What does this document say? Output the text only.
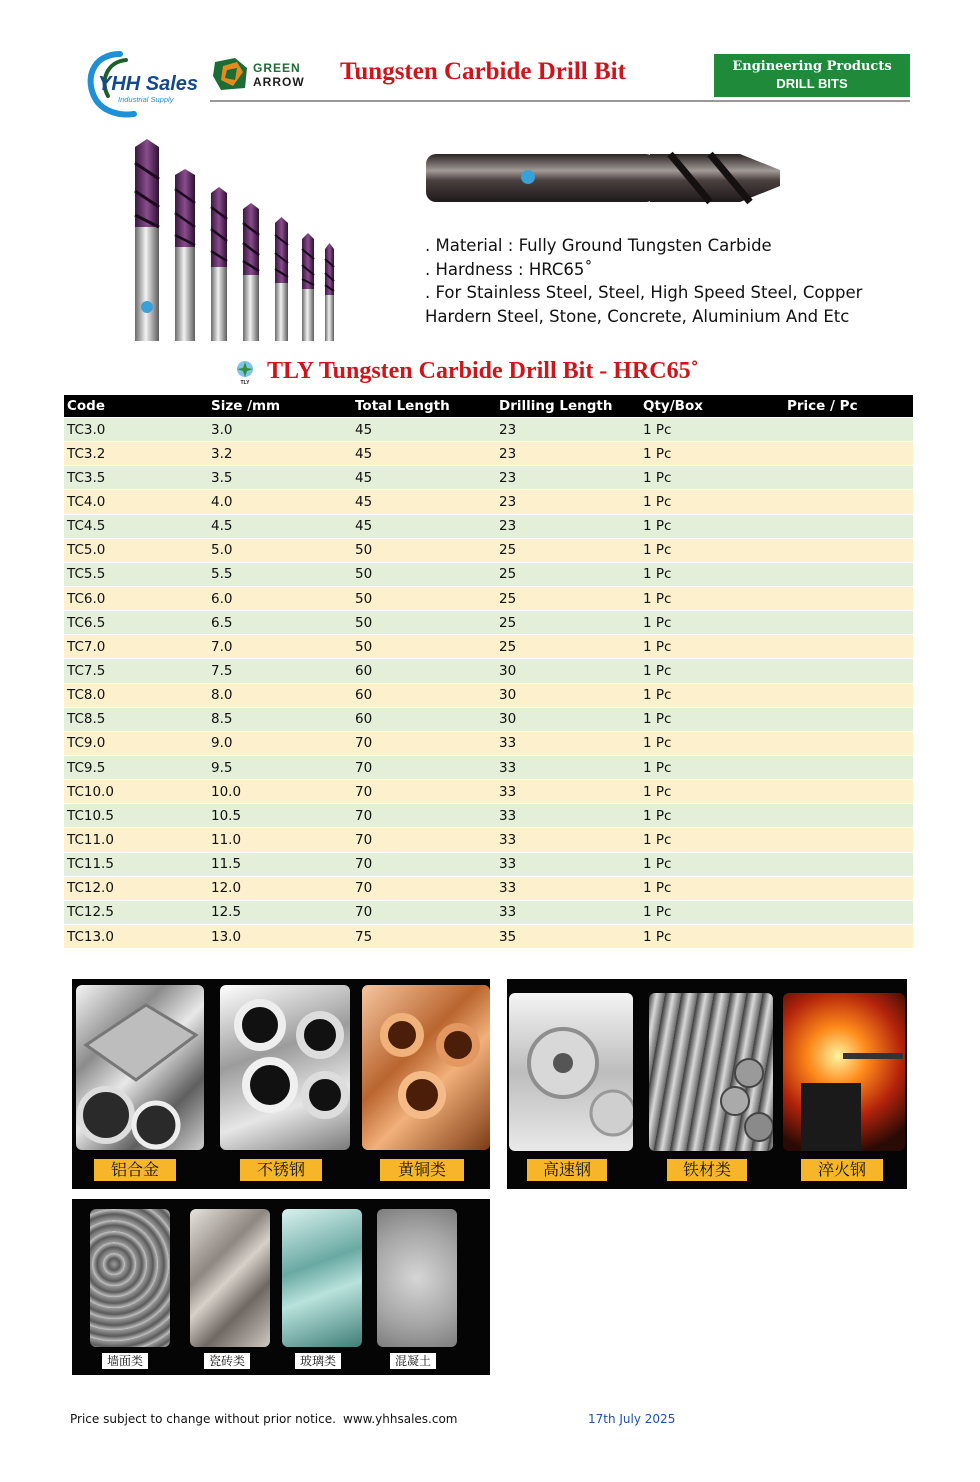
YHH Sales
Industrial Supply
GREEN
ARROW Tungsten Carbide Drill Bit	Engineering Products
DRILL BITS
. Material : Fully Ground Tungsten Carbide
. Hardness : HRC65˚
. For Stainless Steel, Steel, High Speed Steel, Copper
Hardern Steel, Stone, Concrete, Aluminium And Etc
TLY TLY Tungsten Carbide Drill Bit - HRC65˚
Code	Size /mm	Total Length	Drilling Length	Qty/Box	Price / Pc
TC3.0	3.0	45	23	1 Pc	
TC3.2	3.2	45	23	1 Pc	
TC3.5	3.5	45	23	1 Pc	
TC4.0	4.0	45	23	1 Pc	
TC4.5	4.5	45	23	1 Pc	
TC5.0	5.0	50	25	1 Pc	
TC5.5	5.5	50	25	1 Pc	
TC6.0	6.0	50	25	1 Pc	
TC6.5	6.5	50	25	1 Pc	
TC7.0	7.0	50	25	1 Pc	
TC7.5	7.5	60	30	1 Pc	
TC8.0	8.0	60	30	1 Pc	
TC8.5	8.5	60	30	1 Pc	
TC9.0	9.0	70	33	1 Pc	
TC9.5	9.5	70	33	1 Pc	
TC10.0	10.0	70	33	1 Pc	
TC10.5	10.5	70	33	1 Pc	
TC11.0	11.0	70	33	1 Pc	
TC11.5	11.5	70	33	1 Pc	
TC12.0	12.0	70	33	1 Pc	
TC12.5	12.5	70	33	1 Pc	
TC13.0	13.0	75	35	1 Pc	
铝合金	不锈钢	黄铜类	高速钢	铁材类	淬火钢
墙面类	瓷砖类	玻璃类	混凝土
Price subject to change without prior notice. www.yhhsales.com	17th July 2025
